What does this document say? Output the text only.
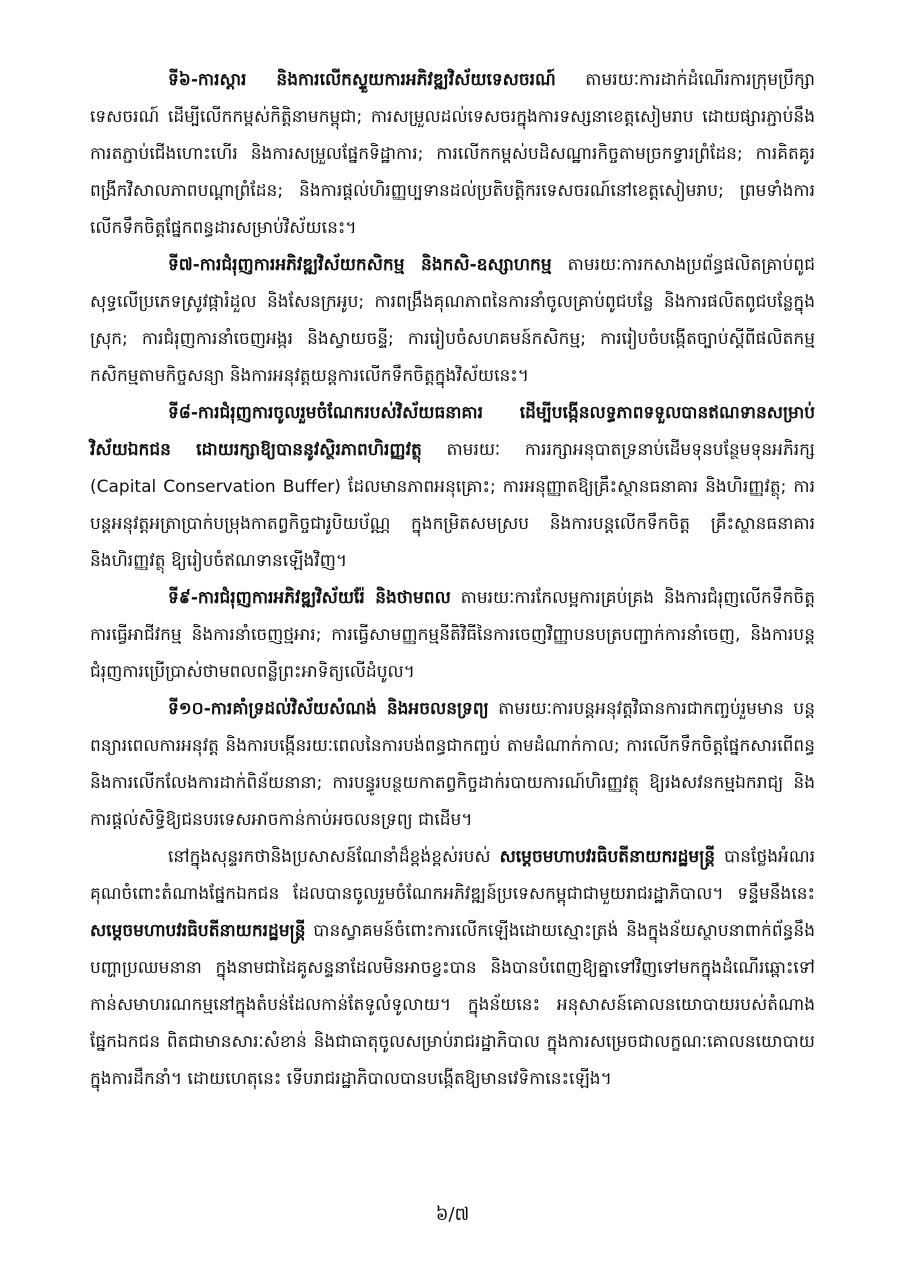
ទី៦-ការស្ដារ និងការលើកស្ទួយការអភិវឌ្ឍវិស័យទេសចរណ៍ តាមរយៈការដាក់ដំណើរការក្រុមប្រឹក្សាទេសចរណ៍ ដើម្បីលើកកម្ពស់កិត្តិនាមកម្ពុជា; ការសម្រួលដល់ទេសចរក្នុងការទស្សនាខេត្តសៀមរាប ដោយផ្សារភ្ជាប់នឹងការតភ្ជាប់ជើងហោះហើរ និងការសម្រួលផ្នែកទិដ្ឋាការ; ការលើកកម្ពស់បដិសណ្ឋារកិច្ចតាមច្រកទ្វារព្រំដែន; ការគិតគូរពង្រីកវិសាលភាពបណ្តាព្រំដែន; និងការផ្តល់ហិរញ្ញប្បទានដល់ប្រតិបត្តិករទេសចរណ៍នៅខេត្តសៀមរាប; ព្រមទាំងការលើកទឹកចិត្តផ្នែកពន្ធដារសម្រាប់វិស័យនេះ។

ទី៧-ការជំរុញការអភិវឌ្ឍវិស័យកសិកម្ម និងកសិ-ឧស្សាហកម្ម តាមរយៈការកសាងប្រព័ន្ធផលិតគ្រាប់ពូជសុទ្ធលើប្រភេទស្រូវផ្ការំដួល និងសែនក្រអូប; ការពង្រឹងគុណភាពនៃការនាំចូលគ្រាប់ពូជបន្លែ និងការផលិតពូជបន្លែក្នុងស្រុក; ការជំរុញការនាំចេញអង្ករ និងស្វាយចន្ទី; ការរៀបចំសហគមន៍កសិកម្ម; ការរៀបចំបង្កើតច្បាប់ស្តីពីផលិតកម្មកសិកម្មតាមកិច្ចសន្យា និងការអនុវត្តយន្តការលើកទឹកចិត្តក្នុងវិស័យនេះ។

ទី៨-ការជំរុញការចូលរួមចំណែករបស់វិស័យធនាគារ ដើម្បីបង្កើនលទ្ធភាពទទួលបានឥណទានសម្រាប់វិស័យឯកជន ដោយរក្សាឱ្យបាននូវស្ថិរភាពហិរញ្ញវត្ថុ តាមរយៈ ការរក្សាអនុបាតទ្រនាប់ដើមទុនបន្ថែមទុនអភិរក្ស (Capital Conservation Buffer) ដែលមានភាពអនុគ្រោះ; ការអនុញ្ញាតឱ្យគ្រឹះស្ថានធនាគារ និងហិរញ្ញវត្ថុ; ការបន្តអនុវត្តអត្រាប្រាក់បម្រុងកាតព្វកិច្ចជារូបិយប័ណ្ណ ក្នុងកម្រិតសមស្រប និងការបន្តលើកទឹកចិត្ត គ្រឹះស្ថានធនាគារ និងហិរញ្ញវត្ថុ ឱ្យរៀបចំឥណទានឡើងវិញ។

ទី៩-ការជំរុញការអភិវឌ្ឍវិស័យរ៉ែ និងថាមពល តាមរយៈការកែលម្អការគ្រប់គ្រង និងការជំរុញលើកទឹកចិត្តការធ្វើអាជីវកម្ម និងការនាំចេញថ្មអារ; ការធ្វើសាមញ្ញកម្មនីតិវិធីនៃការចេញវិញ្ញាបនបត្របញ្ជាក់ការនាំចេញ, និងការបន្តជំរុញការប្រើប្រាស់ថាមពលពន្លឺព្រះអាទិត្យលើដំបូល។

ទី១០-ការគាំទ្រដល់វិស័យសំណង់ និងអចលនទ្រព្យ តាមរយៈការបន្តអនុវត្តវិធានការជាកញ្ចប់រួមមាន បន្តពន្យារពេលការអនុវត្ត និងការបង្កើនរយៈពេលនៃការបង់ពន្ធជាកញ្ចប់ តាមដំណាក់កាល; ការលើកទឹកចិត្តផ្នែកសារពើពន្ធ និងការលើកលែងការដាក់ពិន័យនានា; ការបន្ធូរបន្ថយកាតព្វកិច្ចដាក់របាយការណ៍ហិរញ្ញវត្ថុ ឱ្យរងសវនកម្មឯករាជ្យ និងការផ្តល់សិទ្ធិឱ្យជនបរទេសអាចកាន់កាប់អចលនទ្រព្យ ជាដើម។

នៅក្នុងសុន្ទរកថានិងប្រសាសន៍ណែនាំដ៏ខ្ពង់ខ្ពស់របស់ សម្ដេចមហាបវរធិបតីនាយករដ្ឋមន្ត្រី បានថ្លែងអំណរគុណចំពោះតំណាងផ្នែកឯកជន ដែលបានចូលរួមចំណែកអភិវឌ្ឍន៍ប្រទេសកម្ពុជាជាមួយរាជរដ្ឋាភិបាល។ ទន្ទឹមនឹងនេះ សម្ដេចមហាបវរធិបតីនាយករដ្ឋមន្ត្រី បានស្វាគមន៍ចំពោះការលើកឡើងដោយស្មោះត្រង់ និងក្នុងន័យស្ថាបនាពាក់ព័ន្ធនឹងបញ្ហាប្រឈមនានា ក្នុងនាមជាដៃគូសន្ទនាដែលមិនអាចខ្វះបាន និងបានបំពេញឱ្យគ្នាទៅវិញទៅមកក្នុងដំណើរឆ្ពោះទៅកាន់សមាហរណកម្មនៅក្នុងតំបន់ដែលកាន់តែទូលំទូលាយ។ ក្នុងន័យនេះ អនុសាសន៍គោលនយោបាយរបស់តំណាងផ្នែកឯកជន ពិតជាមានសារៈសំខាន់ និងជាធាតុចូលសម្រាប់រាជរដ្ឋាភិបាល ក្នុងការសម្រេចជាលក្ខណៈគោលនយោបាយក្នុងការដឹកនាំ។ ដោយហេតុនេះ ទើបរាជរដ្ឋាភិបាលបានបង្កើតឱ្យមានវេទិកានេះឡើង។

៦/៧
